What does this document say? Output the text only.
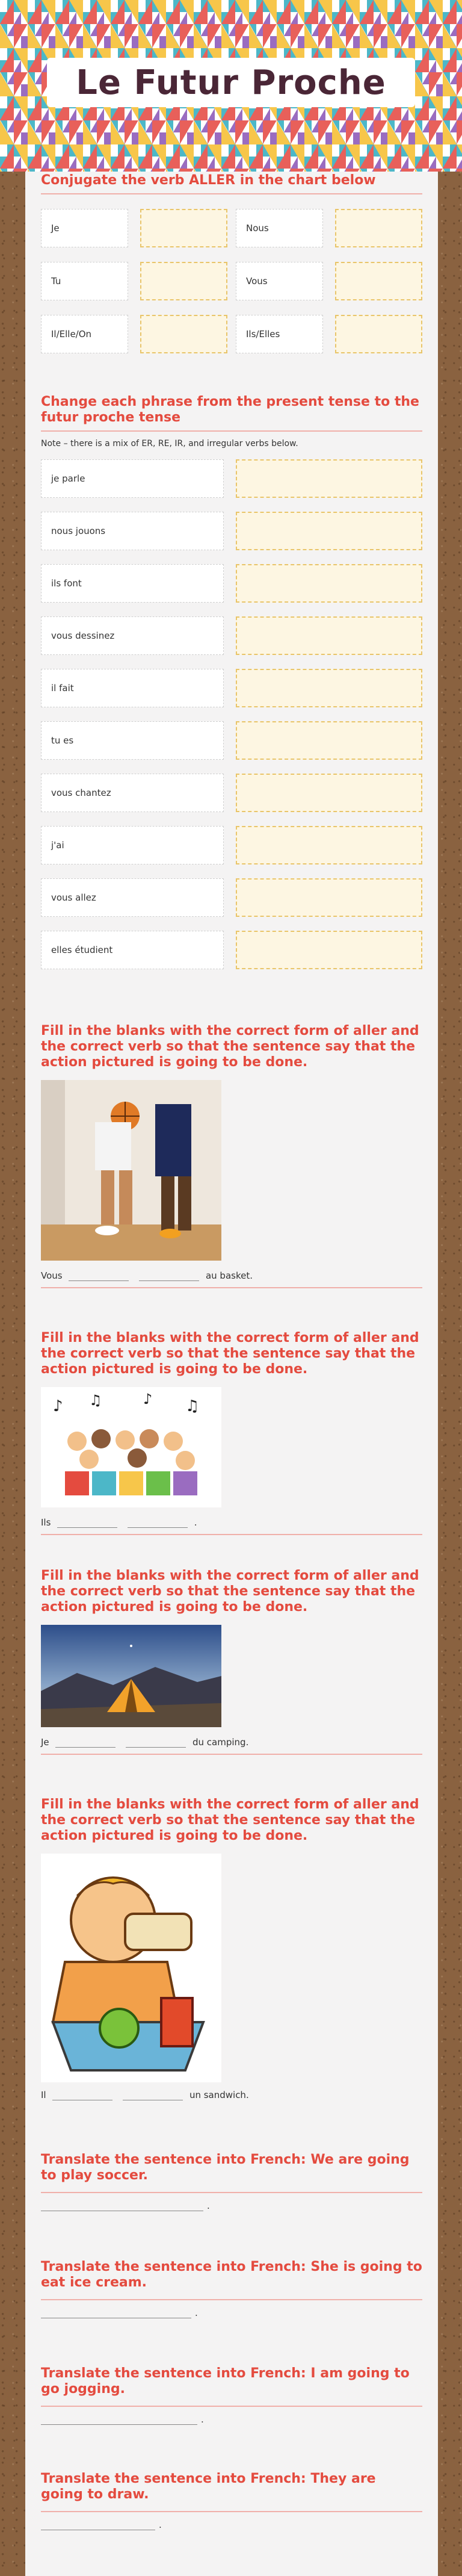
Le Futur Proche
Conjugate the verb ALLER in the chart below
Je	Nous
Tu	Vous
Il/Elle/On	Ils/Elles
Change each phrase from the present tense to the futur proche tense
Note – there is a mix of ER, RE, IR, and irregular verbs below.
je parle
nous jouons
ils font
vous dessinez
il fait
tu es
vous chantez
j'ai
vous allez
elles étudient
Fill in the blanks with the correct form of aller and the correct verb so that the sentence say that the action pictured is going to be done.
Vous	au basket.
Fill in the blanks with the correct form of aller and the correct verb so that the sentence say that the action pictured is going to be done.
♪ ♫	♪ ♫
Ils	.
Fill in the blanks with the correct form of aller and the correct verb so that the sentence say that the action pictured is going to be done.
Je	du camping.
Fill in the blanks with the correct form of aller and the correct verb so that the sentence say that the action pictured is going to be done.
Il	un sandwich.
Translate the sentence into French: We are going to play soccer.
.
Translate the sentence into French: She is going to eat ice cream.
.
Translate the sentence into French: I am going to go jogging.
.
Translate the sentence into French: They are going to draw.
.
